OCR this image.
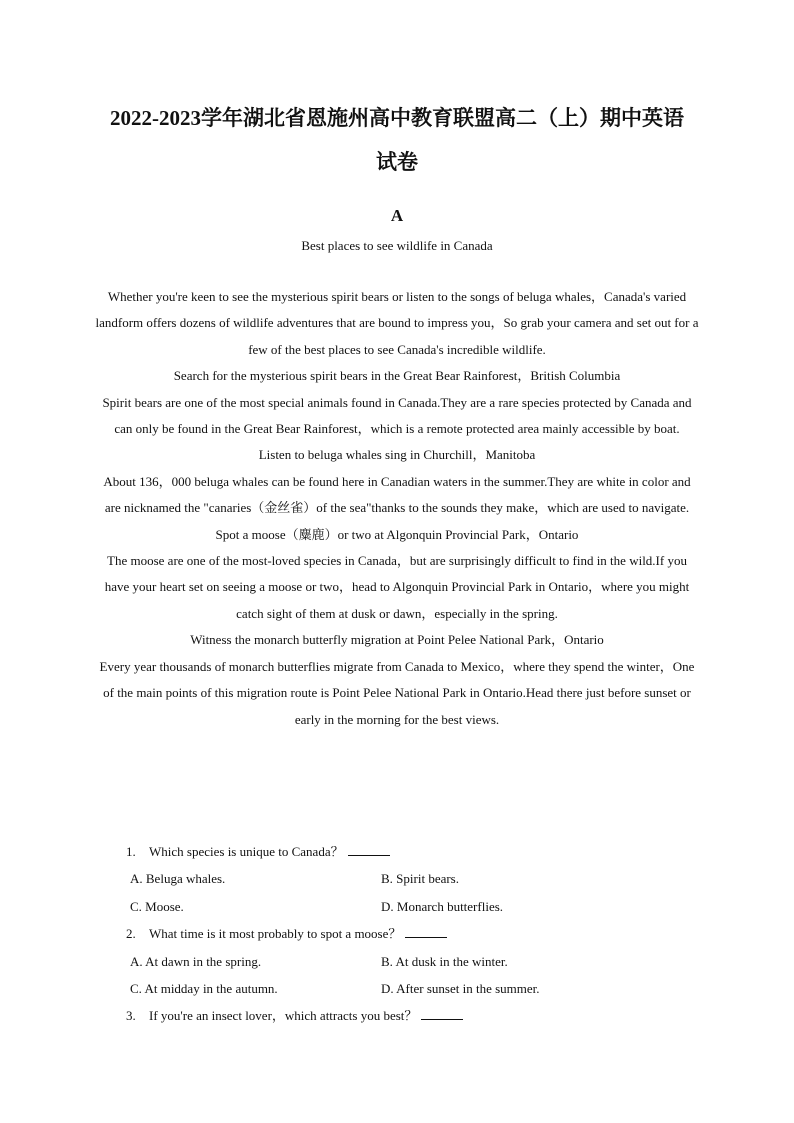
2022-2023学年湖北省恩施州高中教育联盟高二（上）期中英语
试卷
A
Best places to see wildlife in Canada

Whether you're keen to see the mysterious spirit bears or listen to the songs of beluga whales，Canada's varied landform offers dozens of wildlife adventures that are bound to impress you，So grab your camera and set out for a few of the best places to see Canada's incredible wildlife.

Search for the mysterious spirit bears in the Great Bear Rainforest，British Columbia

Spirit bears are one of the most special animals found in Canada.They are a rare species protected by Canada and can only be found in the Great Bear Rainforest，which is a remote protected area mainly accessible by boat.

Listen to beluga whales sing in Churchill，Manitoba

About 136，000 beluga whales can be found here in Canadian waters in the summer.They are white in color and are nicknamed the "canaries（金丝雀）of the sea"thanks to the sounds they make，which are used to navigate.

Spot a moose（麋鹿）or two at Algonquin Provincial Park，Ontario

The moose are one of the most-loved species in Canada，but are surprisingly difficult to find in the wild.If you have your heart set on seeing a moose or two，head to Algonquin Provincial Park in Ontario，where you might catch sight of them at dusk or dawn，especially in the spring.

Witness the monarch butterfly migration at Point Pelee National Park，Ontario

Every year thousands of monarch butterflies migrate from Canada to Mexico，where they spend the winter，One of the main points of this migration route is Point Pelee National Park in Ontario.Head there just before sunset or early in the morning for the best views.

1.	Which species is unique to Canada？
A. Beluga whales.	B. Spirit bears.
C. Moose.	D. Monarch butterflies.
2.	What time is it most probably to spot a moose？
A. At dawn in the spring.	B. At dusk in the winter.
C. At midday in the autumn.	D. After sunset in the summer.
3.	If you're an insect lover，which attracts you best？
